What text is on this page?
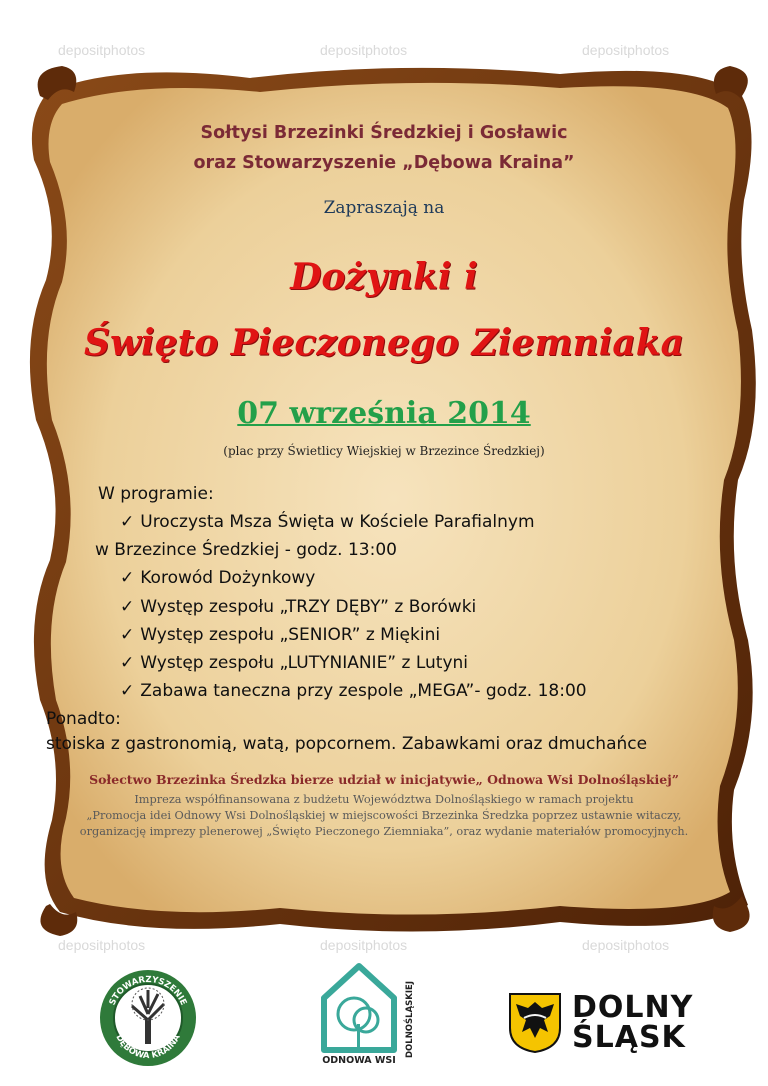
depositphotos	depositphotos	depositphotos
depositphotos	depositphotos	depositphotos
Sołtysi Brzezinki Średzkiej i Gosławic
oraz Stowarzyszenie „Dębowa Kraina”
Zapraszają na
Dożynki i
Święto Pieczonego Ziemniaka
07 września 2014
(plac przy Świetlicy Wiejskiej w Brzezince Średzkiej)
W programie:
✓ Uroczysta Msza Święta w Kościele Parafialnym
w Brzezince Średzkiej - godz. 13:00
✓ Korowód Dożynkowy
✓ Występ zespołu „TRZY DĘBY” z Borówki
✓ Występ zespołu „SENIOR” z Miękini
✓ Występ zespołu „LUTYNIANIE” z Lutyni
✓ Zabawa taneczna przy zespole „MEGA”- godz. 18:00
Ponadto:
stoiska z gastronomią, watą, popcornem. Zabawkami oraz dmuchańce
Sołectwo Brzezinka Średzka bierze udział w inicjatywie„ Odnowa Wsi Dolnośląskiej”
Impreza współfinansowana z budżetu Województwa Dolnośląskiego w ramach projektu
„Promocja idei Odnowy Wsi Dolnośląskiej w miejscowości Brzezinka Średzka poprzez ustawnie witaczy,
organizację imprezy plenerowej „Święto Pieczonego Ziemniaka”, oraz wydanie materiałów promocyjnych.
STOWARZYSZENIE
DĘBOWA KRAINA
ODNOWA WSI
DOLNOŚLĄSKIEJ	DOLNY
ŚLĄSK
